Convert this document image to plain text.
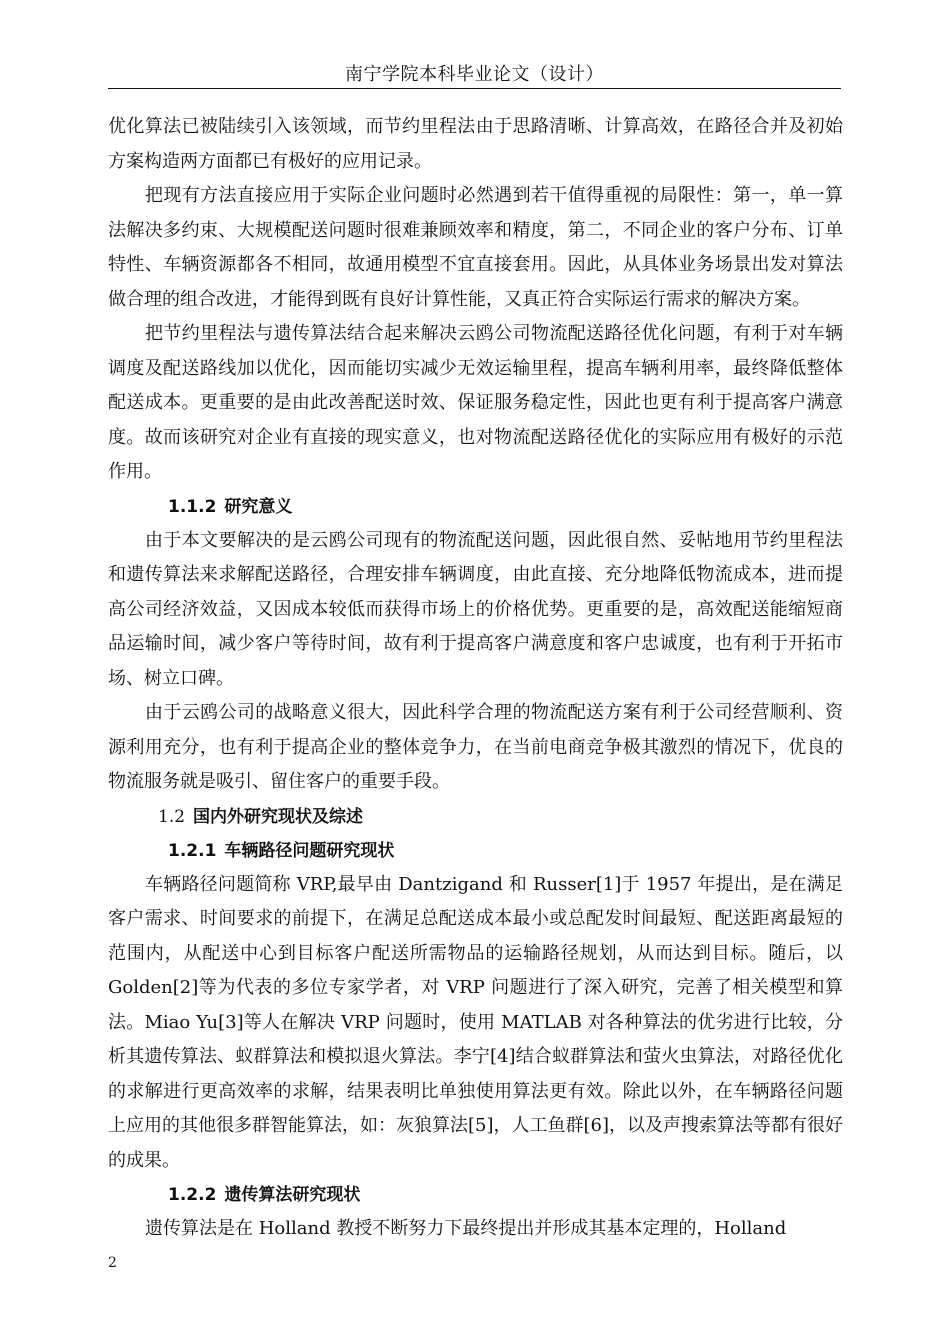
南宁学院本科毕业论文（设计）

优化算法已被陆续引入该领域，而节约里程法由于思路清晰、计算高效，在路径合并及初始方案构造两方面都已有极好的应用记录。

把现有方法直接应用于实际企业问题时必然遇到若干值得重视的局限性：第一，单一算法解决多约束、大规模配送问题时很难兼顾效率和精度，第二，不同企业的客户分布、订单特性、车辆资源都各不相同，故通用模型不宜直接套用。因此，从具体业务场景出发对算法做合理的组合改进，才能得到既有良好计算性能，又真正符合实际运行需求的解决方案。

把节约里程法与遗传算法结合起来解决云鸥公司物流配送路径优化问题，有利于对车辆调度及配送路线加以优化，因而能切实减少无效运输里程，提高车辆利用率，最终降低整体配送成本。更重要的是由此改善配送时效、保证服务稳定性，因此也更有利于提高客户满意度。故而该研究对企业有直接的现实意义，也对物流配送路径优化的实际应用有极好的示范作用。

1.1.2 研究意义

由于本文要解决的是云鸥公司现有的物流配送问题，因此很自然、妥帖地用节约里程法和遗传算法来求解配送路径，合理安排车辆调度，由此直接、充分地降低物流成本，进而提高公司经济效益，又因成本较低而获得市场上的价格优势。更重要的是，高效配送能缩短商品运输时间，减少客户等待时间，故有利于提高客户满意度和客户忠诚度，也有利于开拓市场、树立口碑。

由于云鸥公司的战略意义很大，因此科学合理的物流配送方案有利于公司经营顺利、资源利用充分，也有利于提高企业的整体竞争力，在当前电商竞争极其激烈的情况下，优良的物流服务就是吸引、留住客户的重要手段。

1.2 国内外研究现状及综述
1.2.1 车辆路径问题研究现状

车辆路径问题简称 VRP,最早由 Dantzigand 和 Russer[1]于 1957 年提出，是在满足客户需求、时间要求的前提下，在满足总配送成本最小或总配发时间最短、配送距离最短的范围内，从配送中心到目标客户配送所需物品的运输路径规划，从而达到目标。随后，以 Golden[2]等为代表的多位专家学者，对 VRP 问题进行了深入研究，完善了相关模型和算法。Miao Yu[3]等人在解决 VRP 问题时，使用 MATLAB 对各种算法的优劣进行比较，分析其遗传算法、蚁群算法和模拟退火算法。李宁[4]结合蚁群算法和萤火虫算法，对路径优化的求解进行更高效率的求解，结果表明比单独使用算法更有效。除此以外，在车辆路径问题上应用的其他很多群智能算法，如：灰狼算法[5]，人工鱼群[6]，以及声搜索算法等都有很好的成果。

1.2.2 遗传算法研究现状

遗传算法是在 Holland 教授不断努力下最终提出并形成其基本定理的，Holland

2
